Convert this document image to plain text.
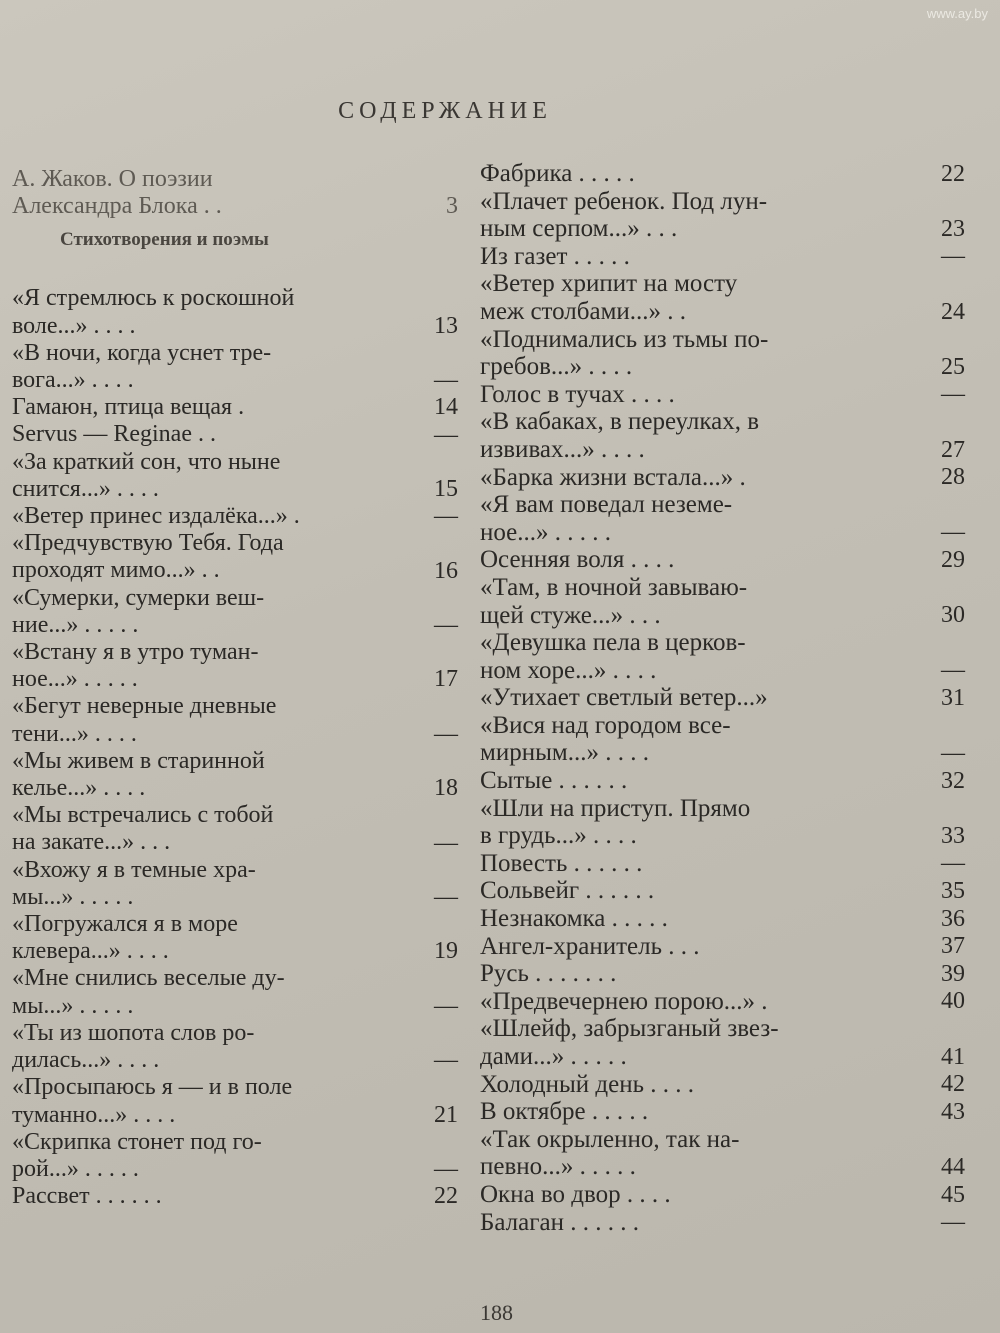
www.ay.by
СОДЕРЖАНИЕ
А. Жаков. О поэзии
Александра Блока . .	3
Стихотворения и поэмы
«Я стремлюсь к роскошной
воле...» . . . .	13
«В ночи, когда уснет тре-
вога...» . . . .	—
Гамаюн, птица вещая .	14
Servus — Reginae . .	—
«За краткий сон, что ныне
снится...» . . . .	15
«Ветер принес издалёка...» .	—
«Предчувствую Тебя. Года
проходят мимо...» . .	16
«Сумерки, сумерки веш-
ние...» . . . . .	—
«Встану я в утро туман-
ное...» . . . . .	17
«Бегут неверные дневные
тени...» . . . .	—
«Мы живем в старинной
келье...» . . . .	18
«Мы встречались с тобой
на закате...» . . .	—
«Вхожу я в темные хра-
мы...» . . . . .	—
«Погружался я в море
клевера...» . . . .	19
«Мне снились веселые ду-
мы...» . . . . .	—
«Ты из шопота слов ро-
дилась...» . . . .	—
«Просыпаюсь я — и в поле
туманно...» . . . .	21
«Скрипка стонет под го-
рой...» . . . . .	—
Рассвет . . . . . .	22
Фабрика . . . . .	22
«Плачет ребенок. Под лун-
ным серпом...» . . .	23
Из газет . . . . .	—
«Ветер хрипит на мосту
меж столбами...» . .	24
«Поднимались из тьмы по-
гребов...» . . . .	25
Голос в тучах . . . .	—
«В кабаках, в переулках, в
извивах...» . . . .	27
«Барка жизни встала...» .	28
«Я вам поведал неземе-
ное...» . . . . .	—
Осенняя воля . . . .	29
«Там, в ночной завываю-
щей стуже...» . . .	30
«Девушка пела в церков-
ном хоре...» . . . .	—
«Утихает светлый ветер...»	31
«Вися над городом все-
мирным...» . . . .	—
Сытые . . . . . .	32
«Шли на приступ. Прямо
в грудь...» . . . .	33
Повесть . . . . . .	—
Сольвейг . . . . . .	35
Незнакомка . . . . .	36
Ангел-хранитель . . .	37
Русь . . . . . . .	39
«Предвечернею порою...» .	40
«Шлейф, забрызганый звез-
дами...» . . . . .	41
Холодный день . . . .	42
В октябре . . . . .	43
«Так окрыленно, так на-
певно...» . . . . .	44
Окна во двор . . . .	45
Балаган . . . . . .	—
188
